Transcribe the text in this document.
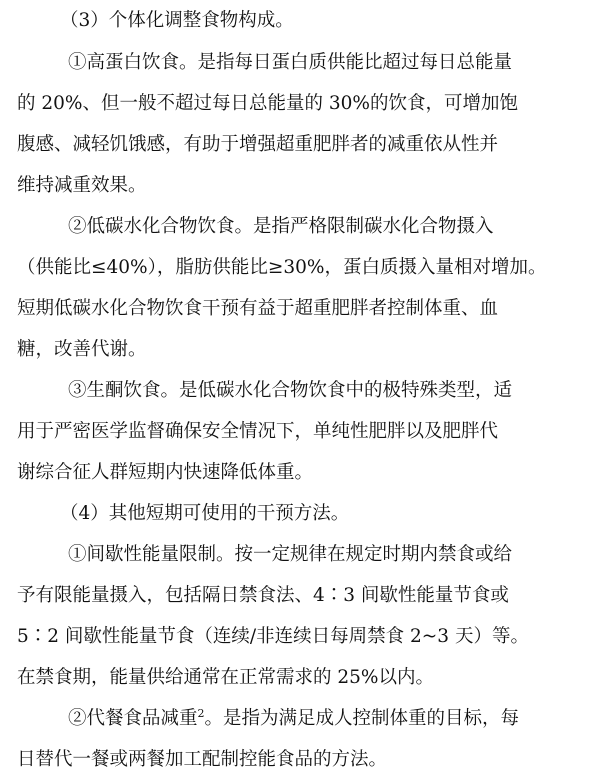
（3）个体化调整食物构成。
①高蛋白饮食。是指每日蛋白质供能比超过每日总能量
的 20%、但一般不超过每日总能量的 30%的饮食，可增加饱
腹感、减轻饥饿感，有助于增强超重肥胖者的减重依从性并
维持减重效果。
②低碳水化合物饮食。是指严格限制碳水化合物摄入
（供能比≤40%），脂肪供能比≥30%，蛋白质摄入量相对增加。
短期低碳水化合物饮食干预有益于超重肥胖者控制体重、血
糖，改善代谢。
③生酮饮食。是低碳水化合物饮食中的极特殊类型，适
用于严密医学监督确保安全情况下，单纯性肥胖以及肥胖代
谢综合征人群短期内快速降低体重。
（4）其他短期可使用的干预方法。
①间歇性能量限制。按一定规律在规定时期内禁食或给
予有限能量摄入，包括隔日禁食法、4∶3 间歇性能量节食或
5∶2 间歇性能量节食（连续/非连续日每周禁食 2~3 天）等。
在禁食期，能量供给通常在正常需求的 25%以内。
②代餐食品减重$^2$。是指为满足成人控制体重的目标，每
日替代一餐或两餐加工配制控能食品的方法。
